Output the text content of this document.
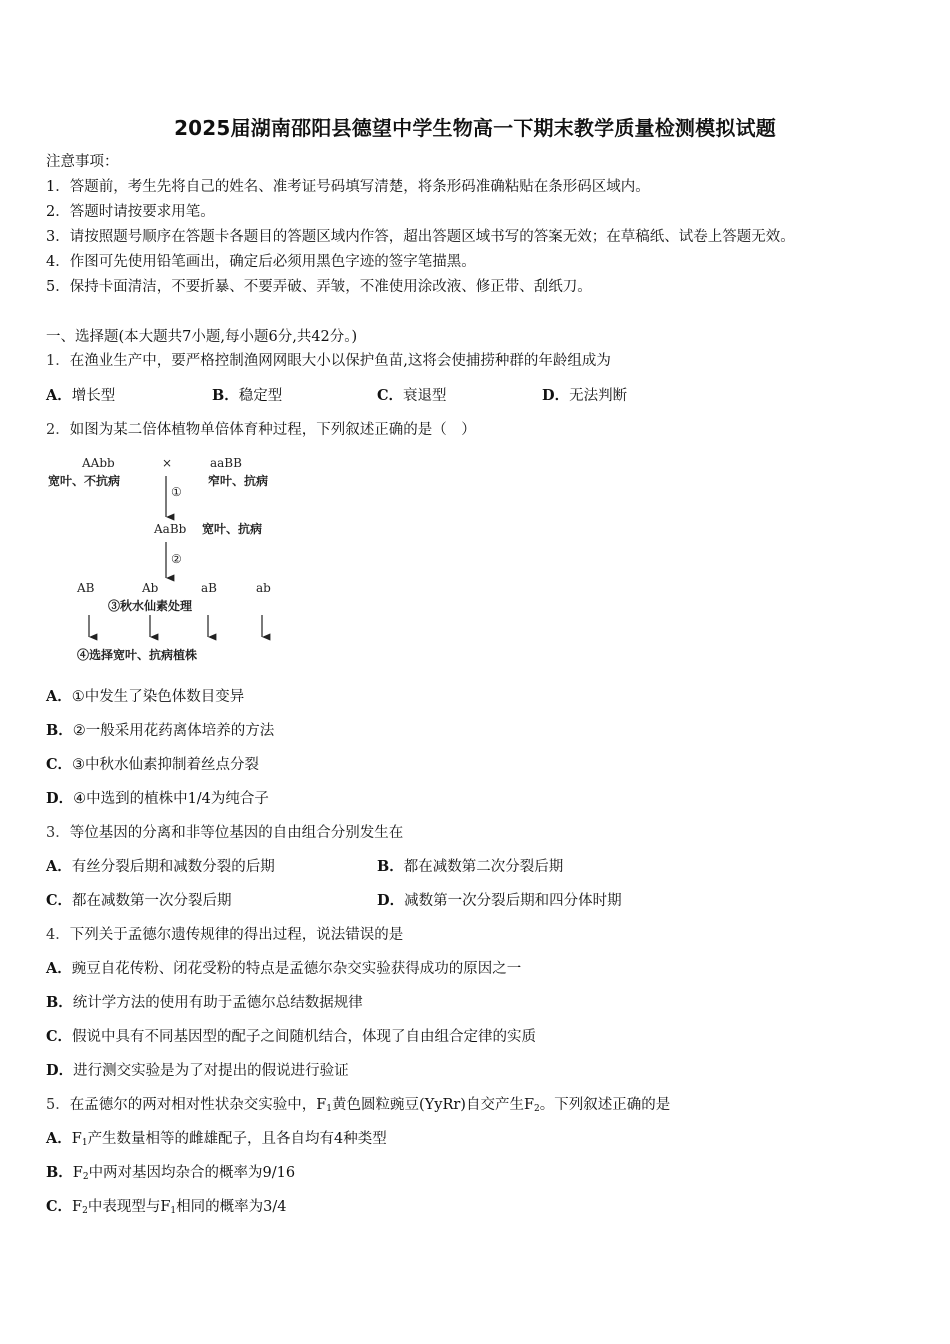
2025届湖南邵阳县德望中学生物高一下期末教学质量检测模拟试题
注意事项：
1．答题前，考生先将自己的姓名、准考证号码填写清楚，将条形码准确粘贴在条形码区域内。
2．答题时请按要求用笔。
3．请按照题号顺序在答题卡各题目的答题区域内作答，超出答题区域书写的答案无效；在草稿纸、试卷上答题无效。
4．作图可先使用铅笔画出，确定后必须用黑色字迹的签字笔描黑。
5．保持卡面清洁，不要折暴、不要弄破、弄皱，不准使用涂改液、修正带、刮纸刀。
一、选择题(本大题共7小题,每小题6分,共42分。)
1．在渔业生产中，要严格控制渔网网眼大小以保护鱼苗,这将会使捕捞种群的年龄组成为
A．增长型	B．稳定型	C．衰退型	D．无法判断
2．如图为某二倍体植物单倍体育种过程，下列叙述正确的是（　）
AAbb
宽叶、不抗病
×	aaBB
窄叶、抗病
①
AaBb 宽叶、抗病
②
AB	Ab	aB	ab
③秋水仙素处理
④选择宽叶、抗病植株
A．①中发生了染色体数目变异
B．②一般采用花药离体培养的方法
C．③中秋水仙素抑制着丝点分裂
D．④中选到的植株中1/4为纯合子
3．等位基因的分离和非等位基因的自由组合分别发生在
A．有丝分裂后期和减数分裂的后期	B．都在减数第二次分裂后期
C．都在减数第一次分裂后期	D．减数第一次分裂后期和四分体时期
4．下列关于孟德尔遗传规律的得出过程，说法错误的是
A．豌豆自花传粉、闭花受粉的特点是孟德尔杂交实验获得成功的原因之一
B．统计学方法的使用有助于孟德尔总结数据规律
C．假说中具有不同基因型的配子之间随机结合，体现了自由组合定律的实质
D．进行测交实验是为了对提出的假说进行验证
5．在孟德尔的两对相对性状杂交实验中，$F_1$黄色圆粒豌豆(YyRr)自交产生$F_2$。下列叙述正确的是
A．$F_1$产生数量相等的雌雄配子，且各自均有4种类型
B．$F_2$中两对基因均杂合的概率为9/16
C．$F_2$中表现型与$F_1$相同的概率为3/4
